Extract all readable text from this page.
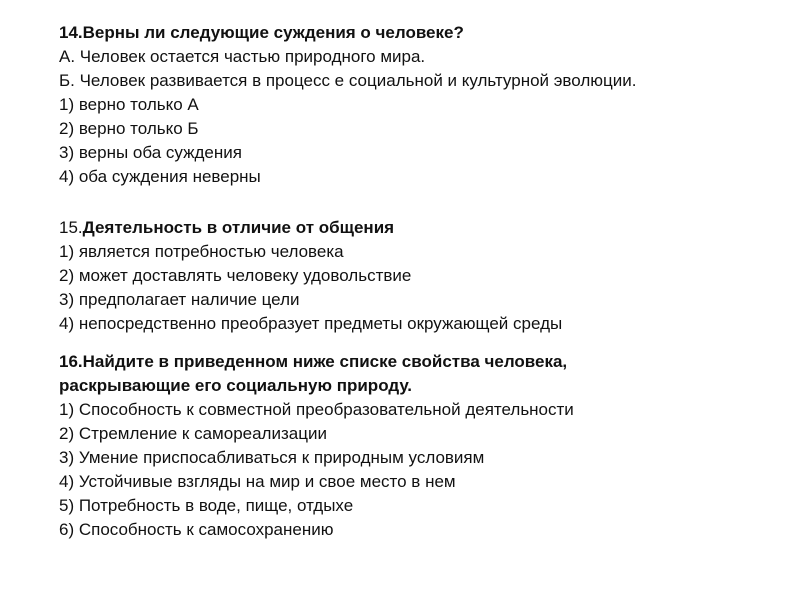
14.Верны ли следующие суждения о человеке?
А. Человек остается частью природного мира.
Б. Человек развивается в процесс е социальной и культурной эволюции.
1) верно только А
2) верно только Б
3) верны оба суждения
4) оба суждения неверны
15.Деятельность в отличие от общения
1) является потребностью человека
2) может доставлять человеку удовольствие
3) предполагает наличие цели
4) непосредственно преобразует предметы окружающей среды
16.Найдите в приведенном ниже списке свойства человека,
раскрывающие его социальную природу.
1) Способность к совместной преобразовательной деятельности
2) Стремление к самореализации
3) Умение приспосабливаться к природным условиям
4) Устойчивые взгляды на мир и свое место в нем
5) Потребность в воде, пище, отдыхе
6) Способность к самосохранению
